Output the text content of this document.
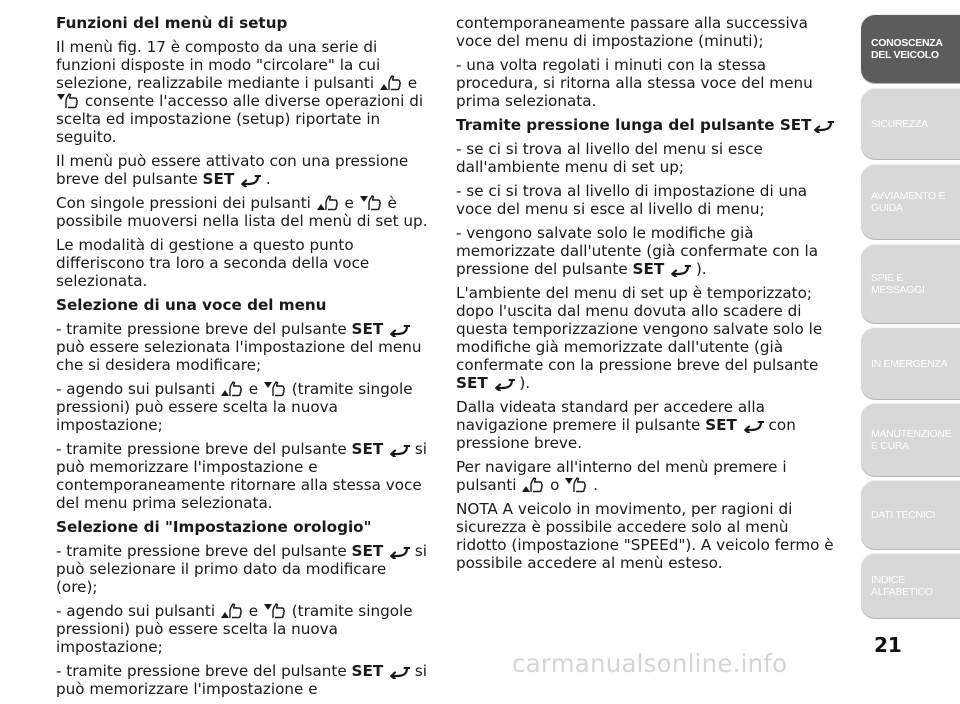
Funzioni del menù di setup

Il menù fig. 17 è composto da una serie di funzioni disposte in modo "circolare" la cui selezione, realizzabile mediante i pulsanti
e
consente l'accesso alle diverse operazioni di scelta ed impostazione (setup) riportate in seguito.

Il menù può essere attivato con una pressione breve del pulsante SET
.

Con singole pressioni dei pulsanti
e
è possibile muoversi nella lista del menù di set up.

Le modalità di gestione a questo punto differiscono tra loro a seconda della voce selezionata.

Selezione di una voce del menu

- tramite pressione breve del pulsante SET
può essere selezionata l'impostazione del menu che si desidera modificare;

- agendo sui pulsanti
e
(tramite singole pressioni) può essere scelta la nuova impostazione;

- tramite pressione breve del pulsante SET
si può memorizzare l'impostazione e contemporaneamente ritornare alla stessa voce del menu prima selezionata.

Selezione di "Impostazione orologio"

- tramite pressione breve del pulsante SET
si può selezionare il primo dato da modificare (ore);

- agendo sui pulsanti
e
(tramite singole pressioni) può essere scelta la nuova impostazione;

- tramite pressione breve del pulsante SET
si può memorizzare l'impostazione e

contemporaneamente passare alla successiva voce del menu di impostazione (minuti);

- una volta regolati i minuti con la stessa procedura, si ritorna alla stessa voce del menu prima selezionata.

Tramite pressione lunga del pulsante SET

- se ci si trova al livello del menu si esce dall'ambiente menu di set up;

- se ci si trova al livello di impostazione di una voce del menu si esce al livello di menu;

- vengono salvate solo le modifiche già memorizzate dall'utente (già confermate con la pressione del pulsante SET
).

L'ambiente del menu di set up è temporizzato; dopo l'uscita dal menu dovuta allo scadere di questa temporizzazione vengono salvate solo le modifiche già memorizzate dall'utente (già confermate con la pressione breve del pulsante SET
).

Dalla videata standard per accedere alla navigazione premere il pulsante SET
con pressione breve.

Per navigare all'interno del menù premere i pulsanti
o
.

NOTA A veicolo in movimento, per ragioni di sicurezza è possibile accedere solo al menù ridotto (impostazione "SPEEd"). A veicolo fermo è possibile accedere al menù esteso.

CONOSCENZA DEL VEICOLO
SICUREZZA
AVVIAMENTO E GUIDA
SPIE E MESSAGGI
IN EMERGENZA
MANUTENZIONE E CURA
DATI TECNICI
INDICE ALFABETICO
21
carmanualsonline.info
